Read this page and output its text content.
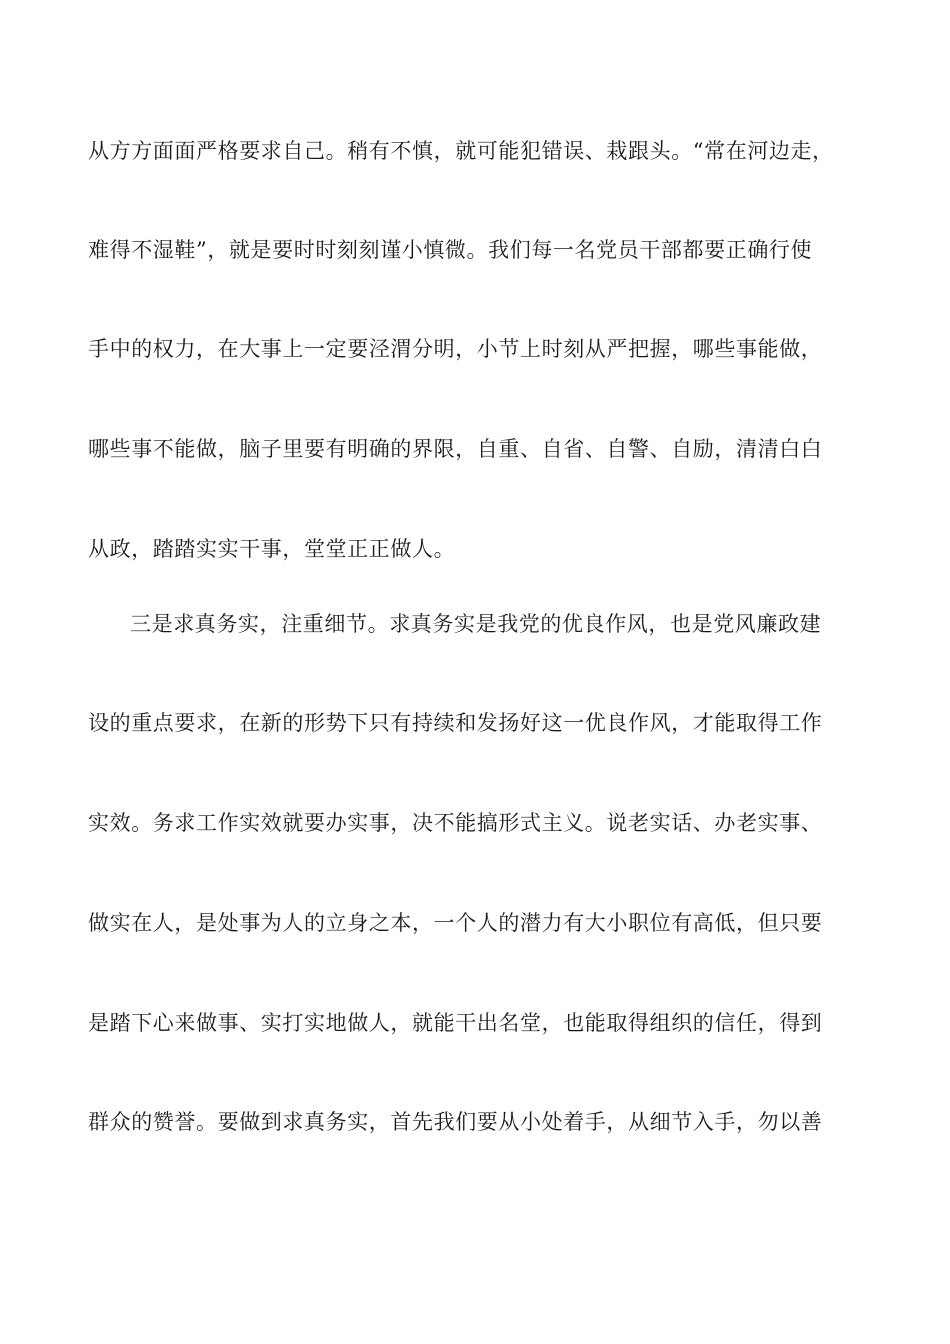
从方方面面严格要求自己。稍有不慎，就可能犯错误、栽跟头。“常在河边走，
难得不湿鞋”，就是要时时刻刻谨小慎微。我们每一名党员干部都要正确行使
手中的权力，在大事上一定要泾渭分明，小节上时刻从严把握，哪些事能做，
哪些事不能做，脑子里要有明确的界限，自重、自省、自警、自励，清清白白
从政，踏踏实实干事，堂堂正正做人。
三是求真务实，注重细节。求真务实是我党的优良作风，也是党风廉政建
设的重点要求，在新的形势下只有持续和发扬好这一优良作风，才能取得工作
实效。务求工作实效就要办实事，决不能搞形式主义。说老实话、办老实事、
做实在人，是处事为人的立身之本，一个人的潜力有大小职位有高低，但只要
是踏下心来做事、实打实地做人，就能干出名堂，也能取得组织的信任，得到
群众的赞誉。要做到求真务实，首先我们要从小处着手，从细节入手，勿以善
